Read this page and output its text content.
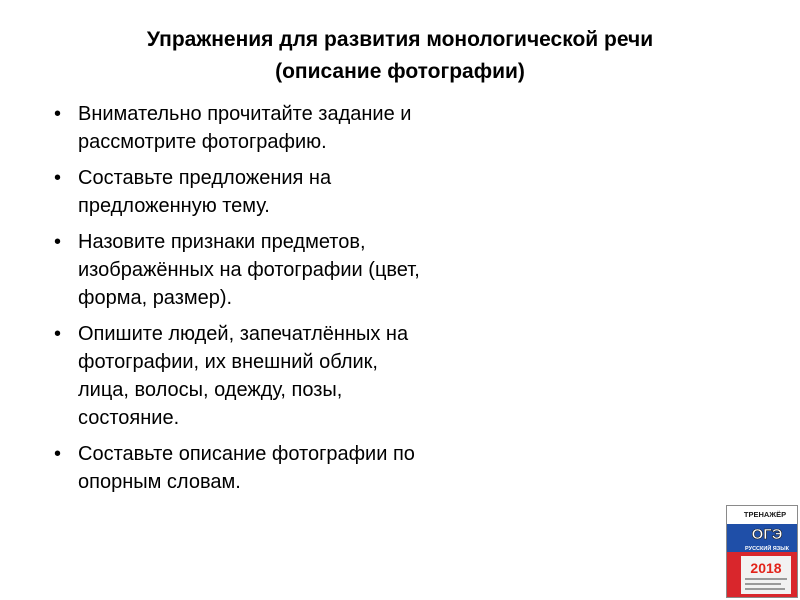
Упражнения для развития монологической речи
(описание фотографии)
• Внимательно прочитайте задание и
рассмотрите фотографию.
• Составьте предложения на
предложенную тему.
• Назовите признаки предметов,
изображённых на фотографии (цвет,
форма, размер).
• Опишите людей, запечатлённых на
фотографии, их внешний облик,
лица, волосы, одежду, позы,
состояние.
• Составьте описание фотографии по
опорным словам.
ТРЕНАЖЁР
ОГЭ
РУССКИЙ ЯЗЫК
2018
